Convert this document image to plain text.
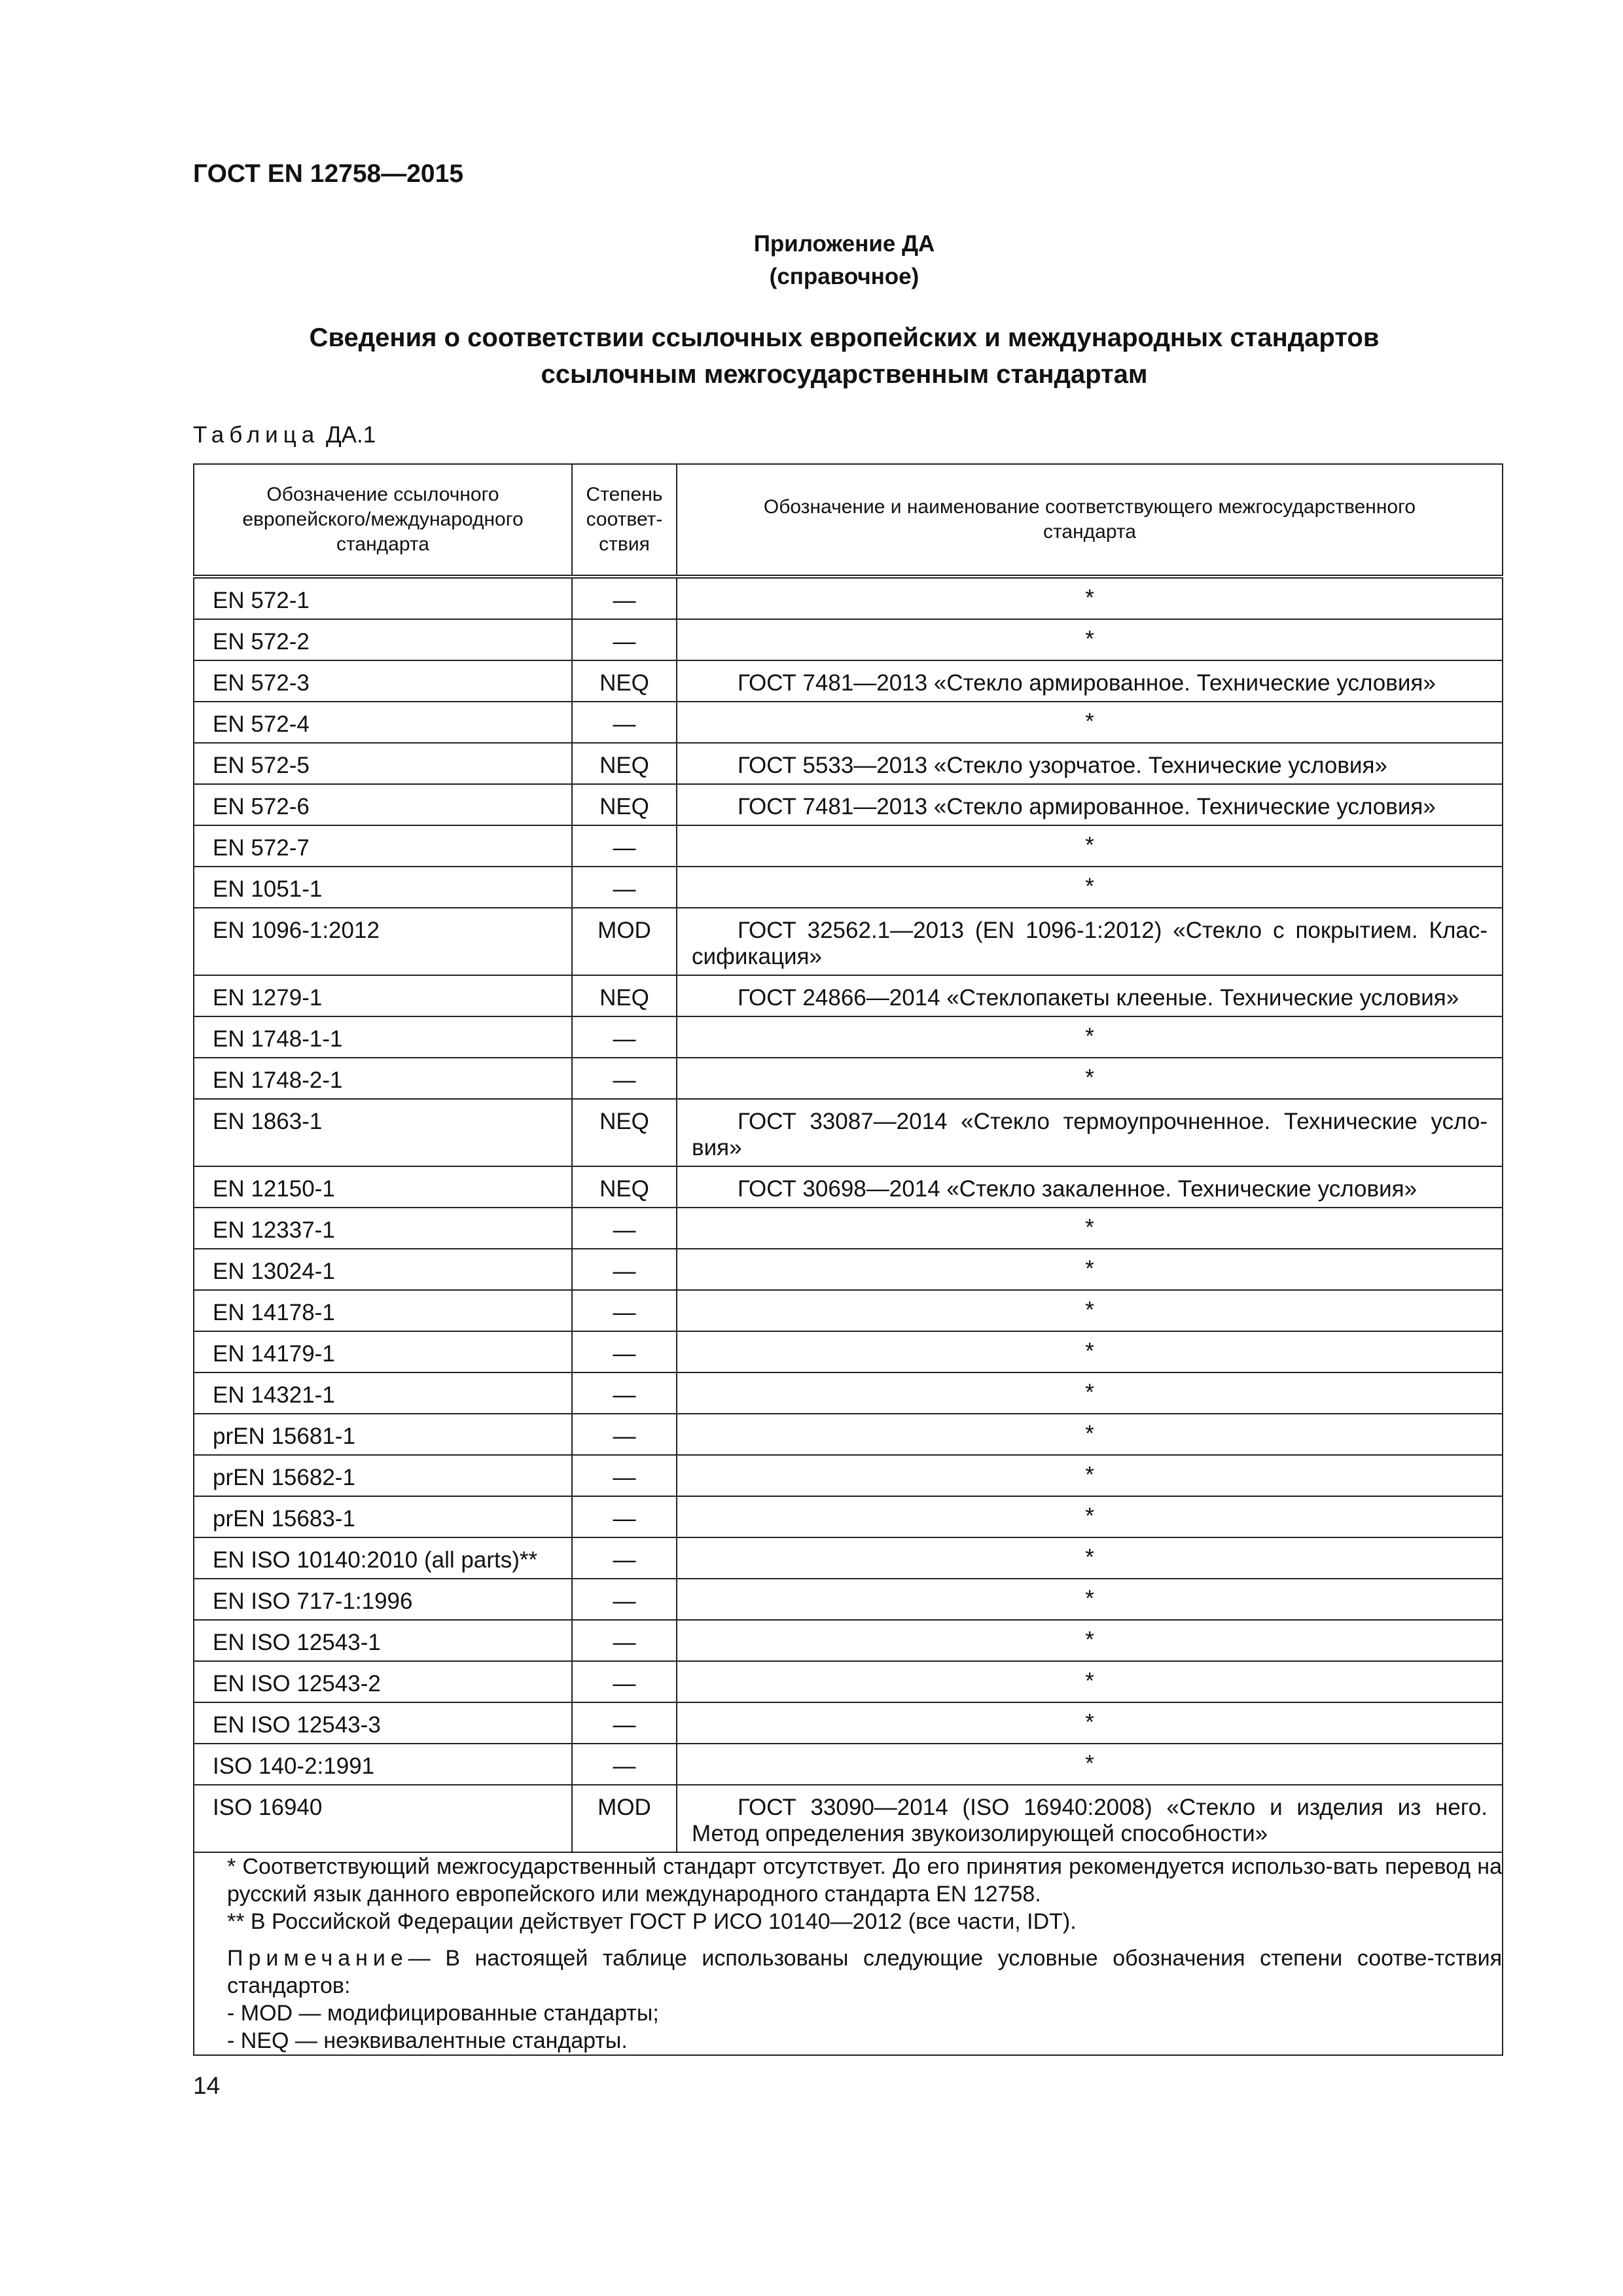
ГОСТ EN 12758—2015
Приложение ДА
(справочное)
Сведения о соответствии ссылочных европейских и международных стандартов
ссылочным межгосударственным стандартам
Таблица ДА.1
Обозначение ссылочного европейского/международного стандарта	Степень соответ-ствия	Обозначение и наименование соответствующего межгосударственного стандарта
EN 572-1	—	*
EN 572-2	—	*
EN 572-3	NEQ	ГОСТ 7481—2013 «Стекло армированное. Технические условия»
EN 572-4	—	*
EN 572-5	NEQ	ГОСТ 5533—2013 «Стекло узорчатое. Технические условия»
EN 572-6	NEQ	ГОСТ 7481—2013 «Стекло армированное. Технические условия»
EN 572-7	—	*
EN 1051-1	—	*
EN 1096-1:2012	MOD	ГОСТ 32562.1—2013 (EN 1096-1:2012) «Стекло с покрытием. Клас-сификация»
EN 1279-1	NEQ	ГОСТ 24866—2014 «Стеклопакеты клееные. Технические условия»
EN 1748-1-1	—	*
EN 1748-2-1	—	*
EN 1863-1	NEQ	ГОСТ 33087—2014 «Стекло термоупрочненное. Технические усло-вия»
EN 12150-1	NEQ	ГОСТ 30698—2014 «Стекло закаленное. Технические условия»
EN 12337-1	—	*
EN 13024-1	—	*
EN 14178-1	—	*
EN 14179-1	—	*
EN 14321-1	—	*
prEN 15681-1	—	*
prEN 15682-1	—	*
prEN 15683-1	—	*
EN ISO 10140:2010 (all parts)**	—	*
EN ISO 717-1:1996	—	*
EN ISO 12543-1	—	*
EN ISO 12543-2	—	*
EN ISO 12543-3	—	*
ISO 140-2:1991	—	*
ISO 16940	MOD	ГОСТ 33090—2014 (ISO 16940:2008) «Стекло и изделия из него. Метод определения звукоизолирующей способности»

* Соответствующий межгосударственный стандарт отсутствует. До его принятия рекомендуется использо-вать перевод на русский язык данного европейского или международного стандарта EN 12758.

** В Российской Федерации действует ГОСТ Р ИСО 10140—2012 (все части, IDT).

Примечание— В настоящей таблице использованы следующие условные обозначения степени соотве-тствия стандартов:

- MOD — модифицированные стандарты;

- NEQ — неэквивалентные стандарты.		

14
